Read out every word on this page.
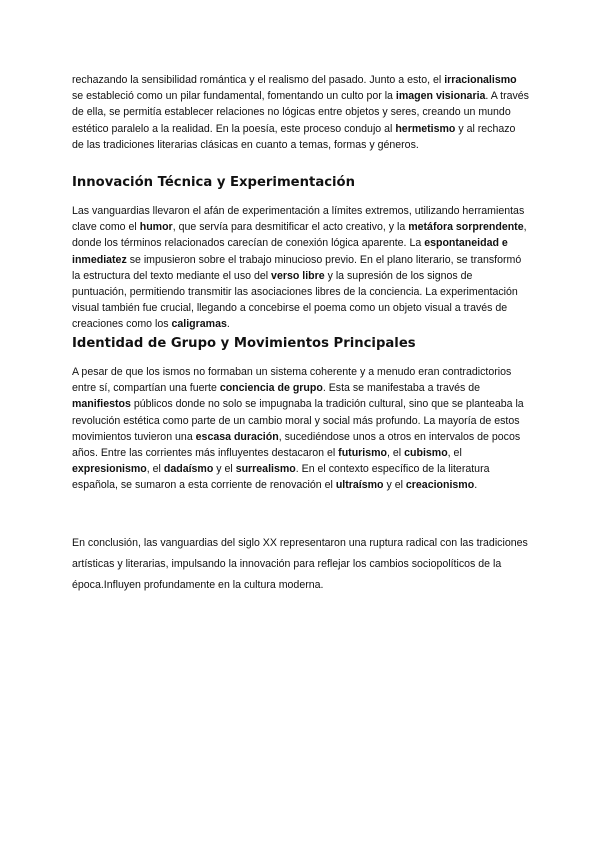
rechazando la sensibilidad romántica y el realismo del pasado. Junto a esto, el irracionalismo se estableció como un pilar fundamental, fomentando un culto por la imagen visionaria. A través de ella, se permitía establecer relaciones no lógicas entre objetos y seres, creando un mundo estético paralelo a la realidad. En la poesía, este proceso condujo al hermetismo y al rechazo de las tradiciones literarias clásicas en cuanto a temas, formas y géneros.

Innovación Técnica y Experimentación

Las vanguardias llevaron el afán de experimentación a límites extremos, utilizando herramientas clave como el humor, que servía para desmitificar el acto creativo, y la metáfora sorprendente, donde los términos relacionados carecían de conexión lógica aparente. La espontaneidad e inmediatez se impusieron sobre el trabajo minucioso previo. En el plano literario, se transformó la estructura del texto mediante el uso del verso libre y la supresión de los signos de puntuación, permitiendo transmitir las asociaciones libres de la conciencia. La experimentación visual también fue crucial, llegando a concebirse el poema como un objeto visual a través de creaciones como los caligramas.

Identidad de Grupo y Movimientos Principales

A pesar de que los ismos no formaban un sistema coherente y a menudo eran contradictorios entre sí, compartían una fuerte conciencia de grupo. Esta se manifestaba a través de manifiestos públicos donde no solo se impugnaba la tradición cultural, sino que se planteaba la revolución estética como parte de un cambio moral y social más profundo. La mayoría de estos movimientos tuvieron una escasa duración, sucediéndose unos a otros en intervalos de pocos años. Entre las corrientes más influyentes destacaron el futurismo, el cubismo, el expresionismo, el dadaísmo y el surrealismo. En el contexto específico de la literatura española, se sumaron a esta corriente de renovación el ultraísmo y el creacionismo.

En conclusión, las vanguardias del siglo XX representaron una ruptura radical con las tradiciones artísticas y literarias, impulsando la innovación para reflejar los cambios sociopolíticos de la época.Influyen profundamente en la cultura moderna.
